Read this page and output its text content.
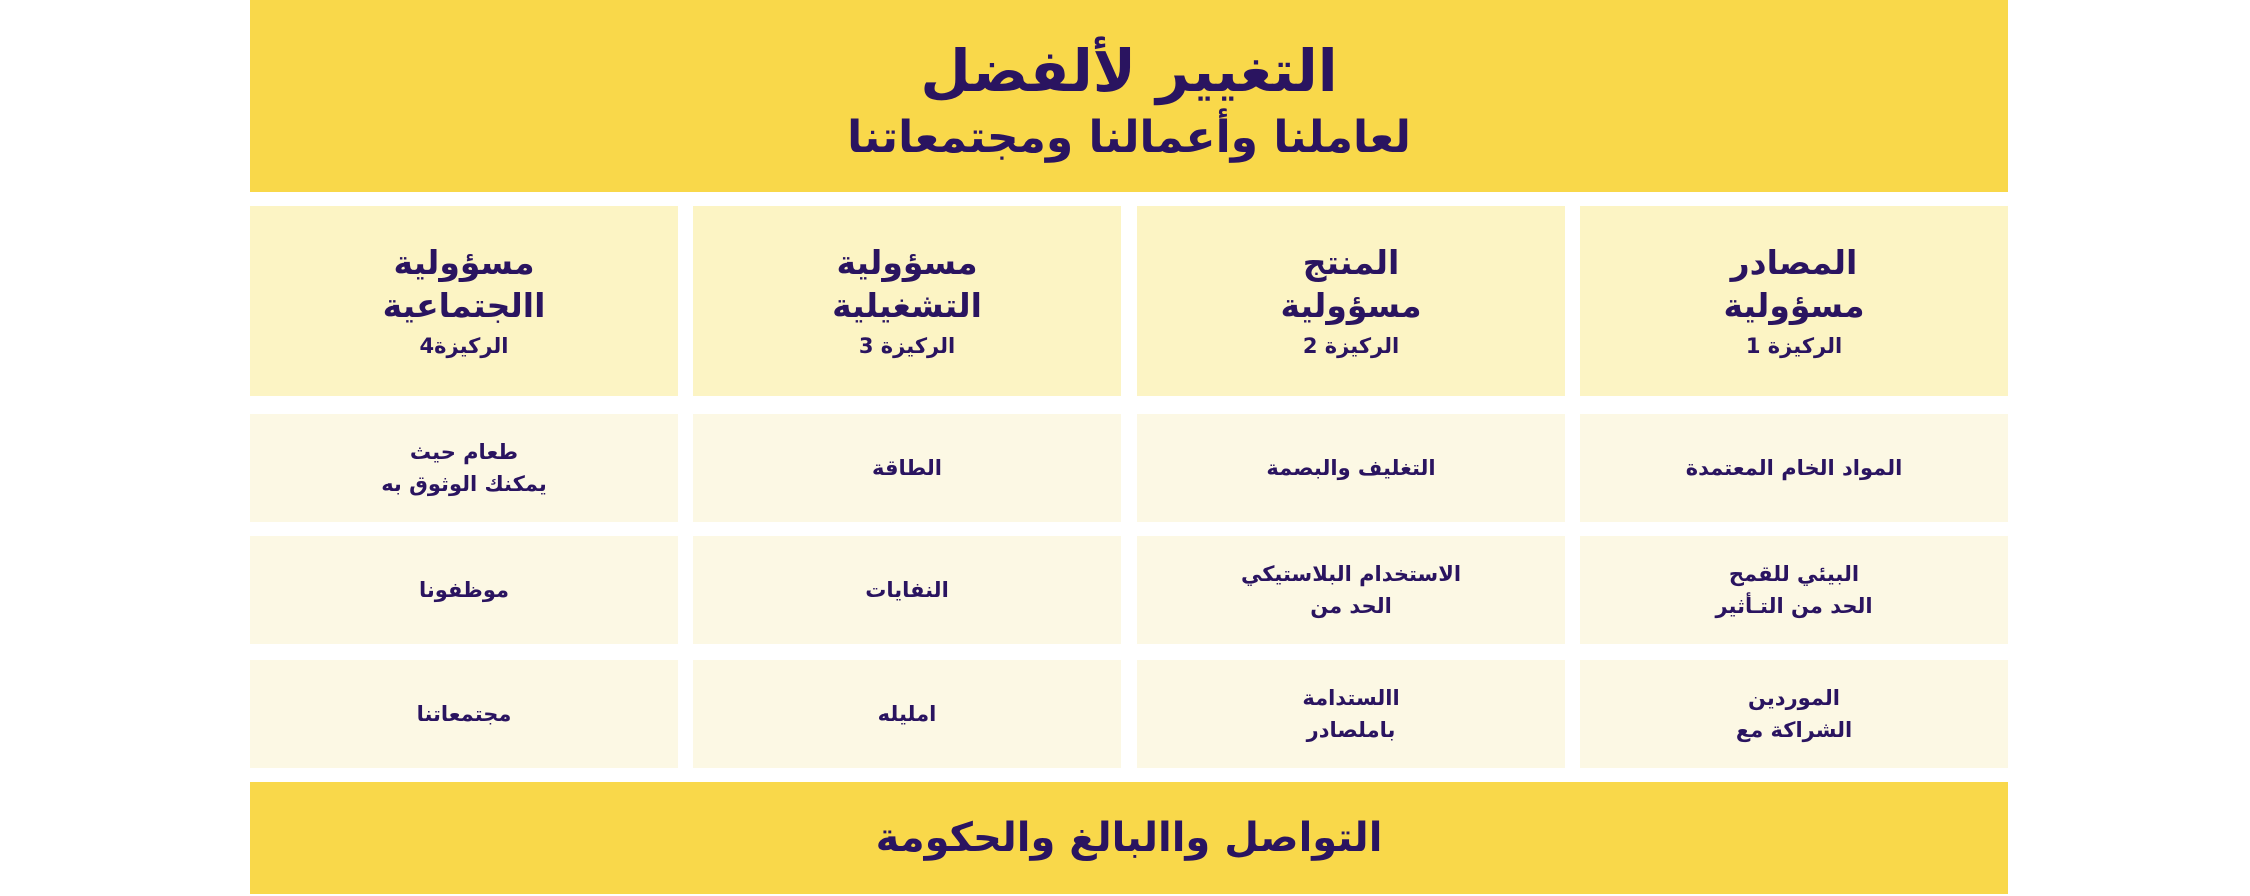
التغيير لألفضل
لعاملنا وأعمالنا ومجتمعاتنا
المصادر
مسؤولية
الركيزة 1
المنتج
مسؤولية
الركيزة 2
مسؤولية
التشغيلية
الركيزة 3
مسؤولية
االجتماعية
الركيزة4
المواد الخام المعتمدة
التغليف والبصمة
الطاقة
طعام حيث
يمكنك الوثوق به
البيئي للقمح
الحد من التـأثير
الاستخدام البلاستيكي
الحد من
النفايات
موظفونا
الموردين
الشراكة مع
االستدامة
باملصادر
امليله
مجتمعاتنا
التواصل واالبالغ والحكومة
